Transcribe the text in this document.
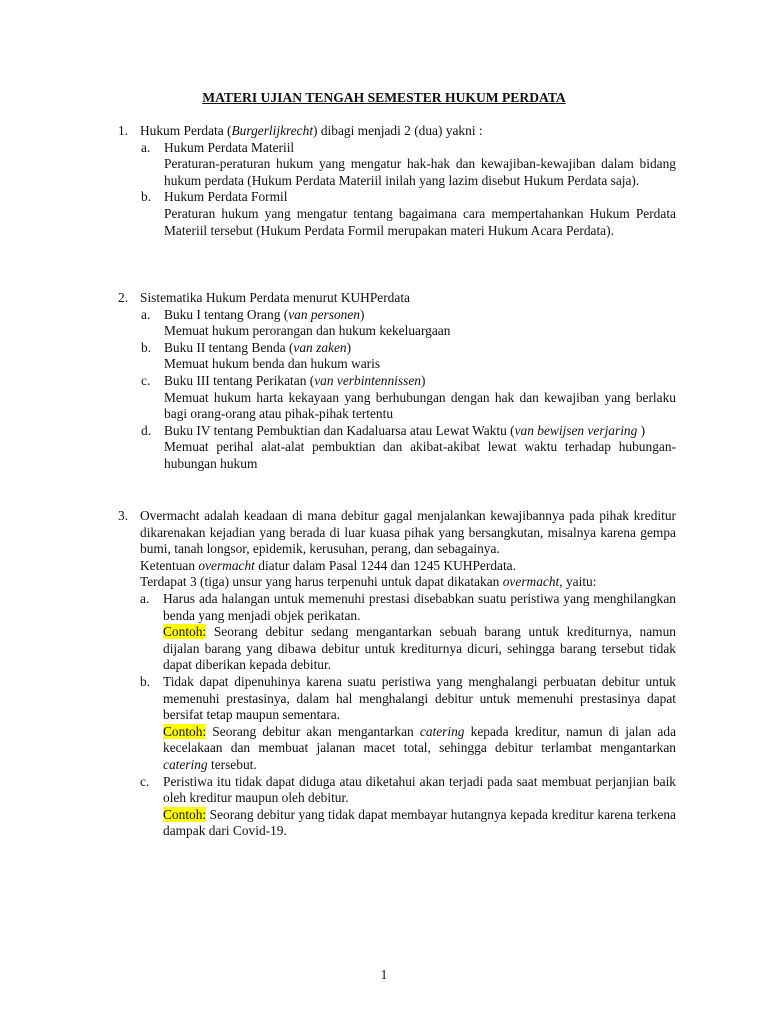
MATERI UJIAN TENGAH SEMESTER HUKUM PERDATA
1. Hukum Perdata (Burgerlijkrecht) dibagi menjadi 2 (dua) yakni :

a. Hukum Perdata Materiil

Peraturan-peraturan hukum yang mengatur hak-hak dan kewajiban-kewajiban dalam bidang hukum perdata (Hukum Perdata Materiil inilah yang lazim disebut Hukum Perdata saja).

b. Hukum Perdata Formil

Peraturan hukum yang mengatur tentang bagaimana cara mempertahankan Hukum Perdata Materiil tersebut (Hukum Perdata Formil merupakan materi Hukum Acara Perdata).

2. Sistematika Hukum Perdata menurut KUHPerdata

a. Buku I tentang Orang (van personen)

Memuat hukum perorangan dan hukum kekeluargaan

b. Buku II tentang Benda (van zaken)

Memuat hukum benda dan hukum waris

c. Buku III tentang Perikatan (van verbintennissen)

Memuat hukum harta kekayaan yang berhubungan dengan hak dan kewajiban yang berlaku bagi orang-orang atau pihak-pihak tertentu

d. Buku IV tentang Pembuktian dan Kadaluarsa atau Lewat Waktu (van bewijsen verjaring )

Memuat perihal alat-alat pembuktian dan akibat-akibat lewat waktu terhadap hubungan-hubungan hukum

3. Overmacht adalah keadaan di mana debitur gagal menjalankan kewajibannya pada pihak kreditur dikarenakan kejadian yang berada di luar kuasa pihak yang bersangkutan, misalnya karena gempa bumi, tanah longsor, epidemik, kerusuhan, perang, dan sebagainya.

Ketentuan overmacht diatur dalam Pasal 1244 dan 1245 KUHPerdata.

Terdapat 3 (tiga) unsur yang harus terpenuhi untuk dapat dikatakan overmacht, yaitu:

a. Harus ada halangan untuk memenuhi prestasi disebabkan suatu peristiwa yang menghilangkan benda yang menjadi objek perikatan.

Contoh: Seorang debitur sedang mengantarkan sebuah barang untuk krediturnya, namun dijalan barang yang dibawa debitur untuk krediturnya dicuri, sehingga barang tersebut tidak dapat diberikan kepada debitur.

b. Tidak dapat dipenuhinya karena suatu peristiwa yang menghalangi perbuatan debitur untuk memenuhi prestasinya, dalam hal menghalangi debitur untuk memenuhi prestasinya dapat bersifat tetap maupun sementara.

Contoh: Seorang debitur akan mengantarkan catering kepada kreditur, namun di jalan ada kecelakaan dan membuat jalanan macet total, sehingga debitur terlambat mengantarkan catering tersebut.

c. Peristiwa itu tidak dapat diduga atau diketahui akan terjadi pada saat membuat perjanjian baik oleh kreditur maupun oleh debitur.

Contoh: Seorang debitur yang tidak dapat membayar hutangnya kepada kreditur karena terkena dampak dari Covid-19.

1
